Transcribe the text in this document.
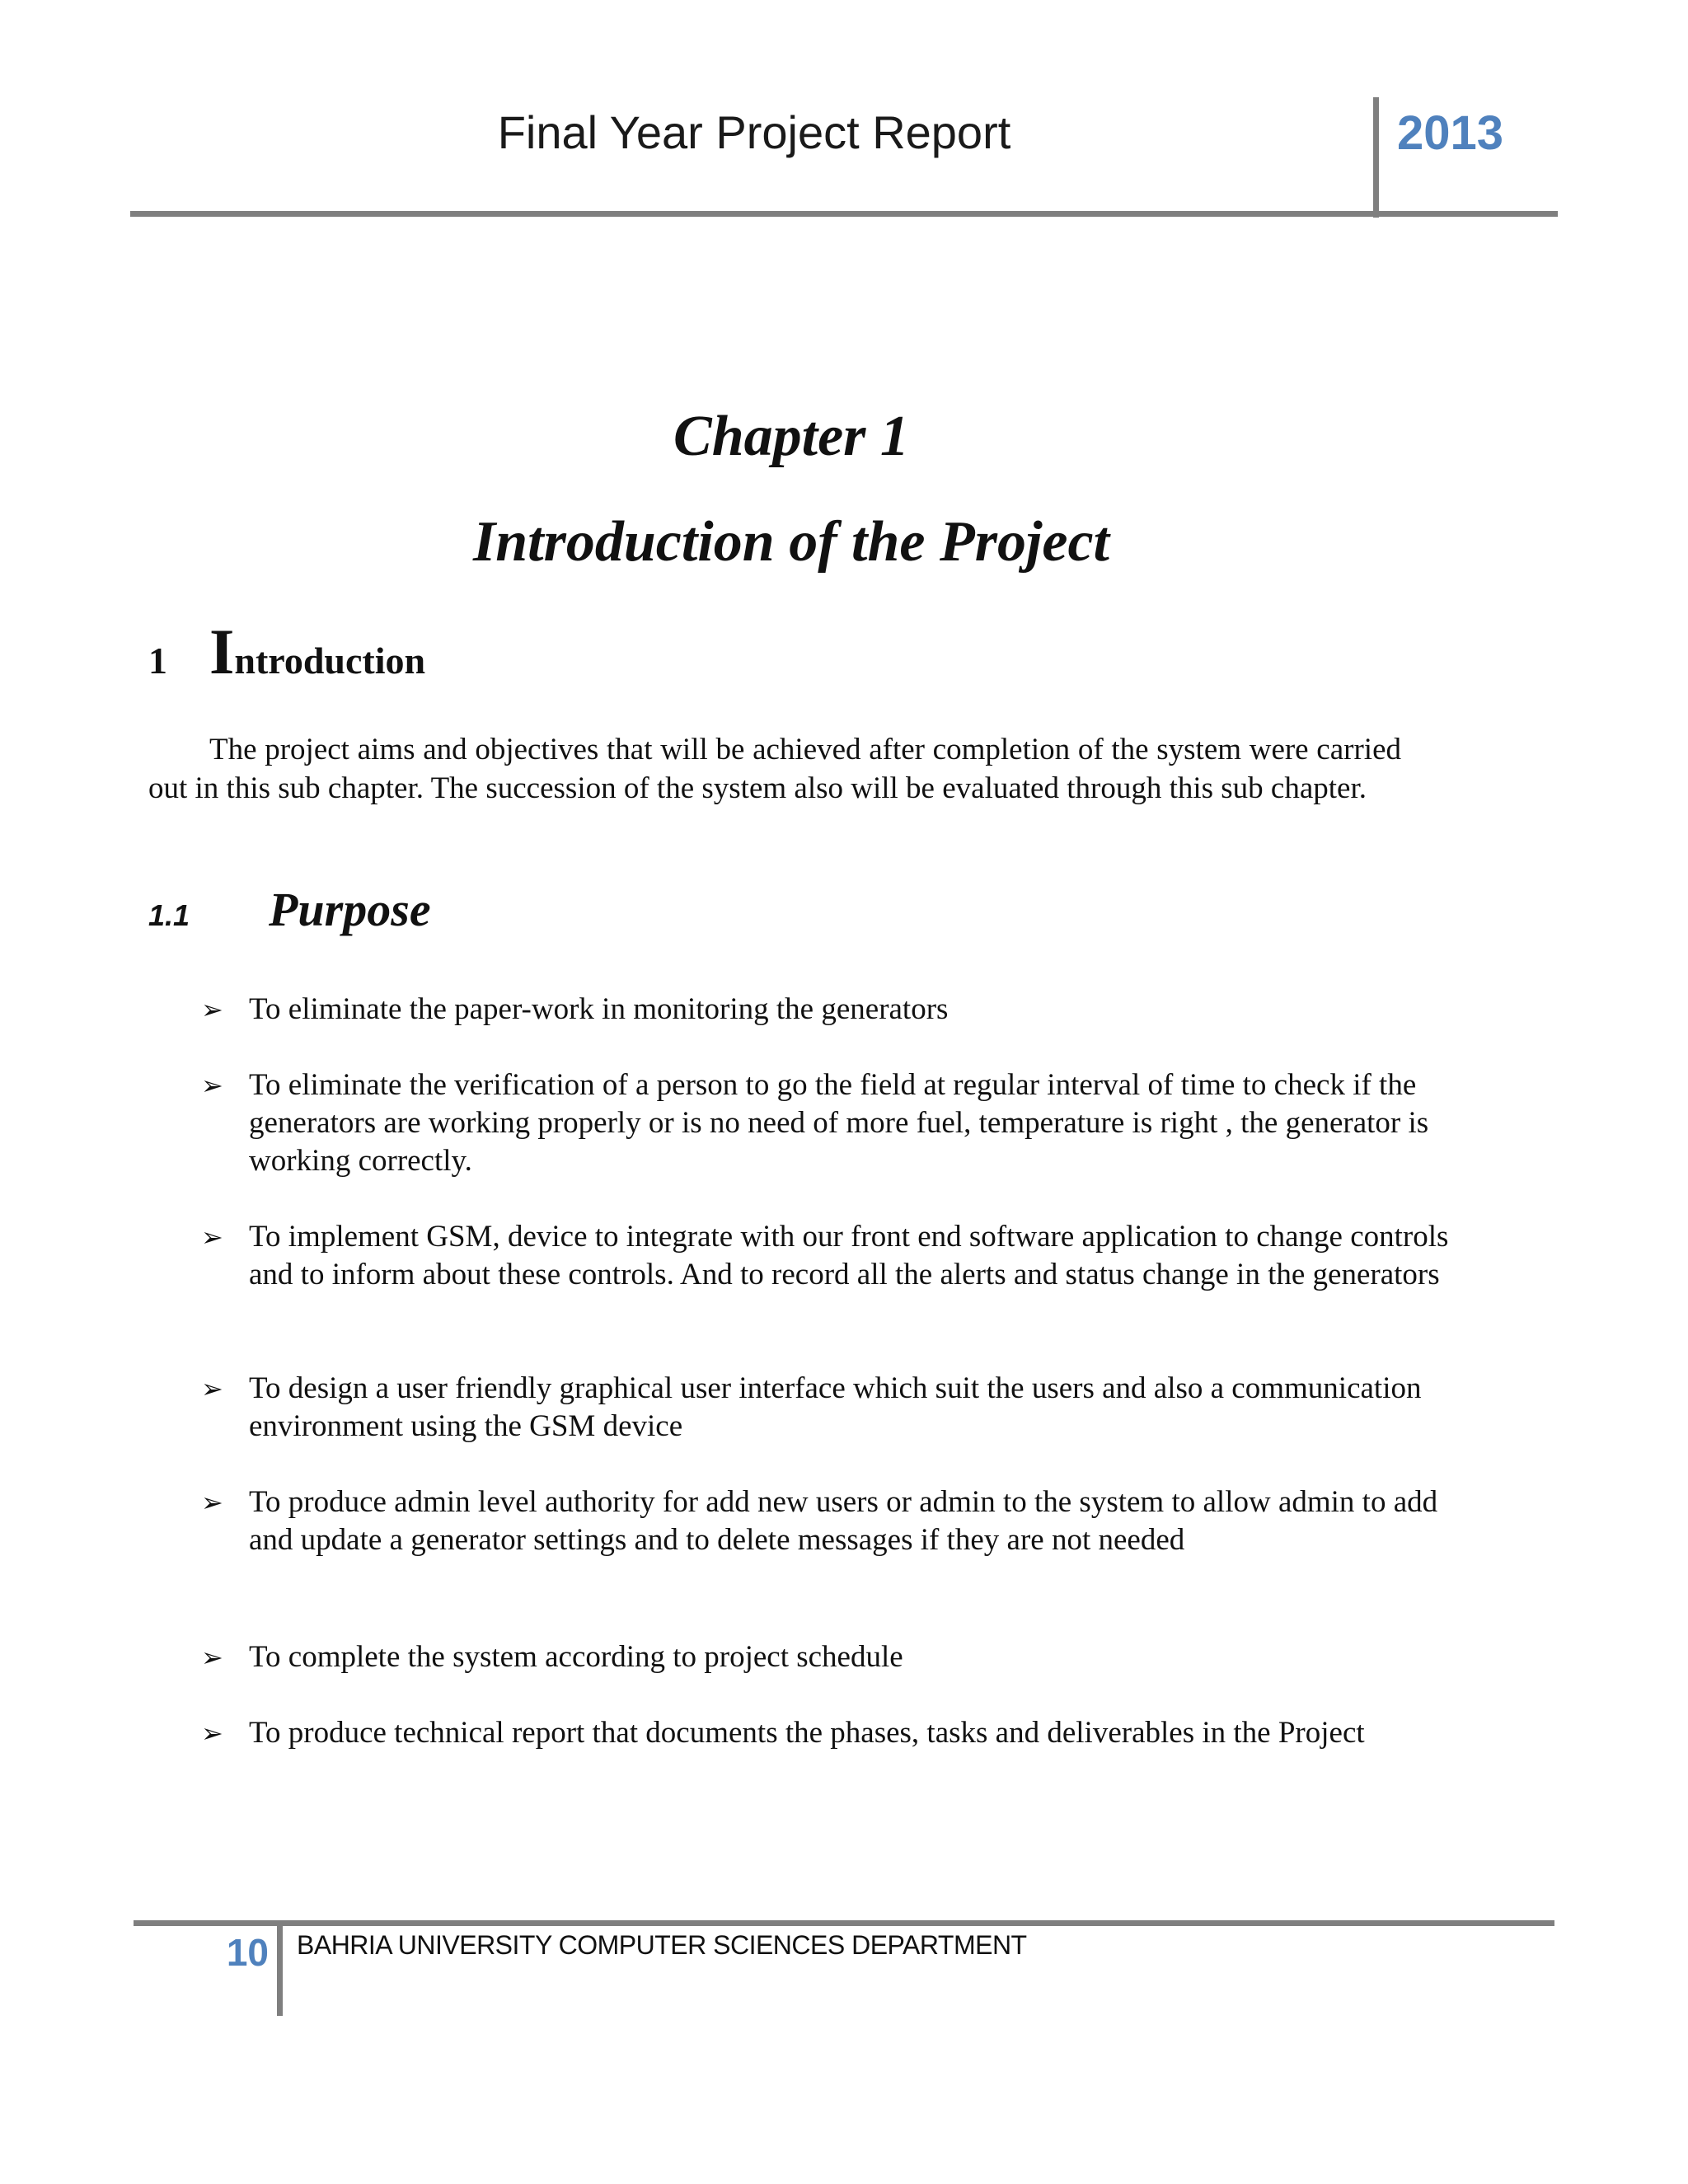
Final Year Project Report	2013
Chapter 1
Introduction of the Project
1 Introduction

The project aims and objectives that will be achieved after completion of the system were carried out in this sub chapter. The succession of the system also will be evaluated through this sub chapter.

1.1 Purpose
➢ To eliminate the paper-work in monitoring the generators
➢ To eliminate the verification of a person to go the field at regular interval of time to check if the generators are working properly or is no need of more fuel, temperature is right , the generator is working correctly.
➢ To implement GSM, device to integrate with our front end software application to change controls and to inform about these controls. And to record all the alerts and status change in the generators
➢ To design a user friendly graphical user interface which suit the users and also a communication environment using the GSM device
➢ To produce admin level authority for add new users or admin to the system to allow admin to add and update a generator settings and to delete messages if they are not needed
➢ To complete the system according to project schedule
➢ To produce technical report that documents the phases, tasks and deliverables in the Project
10 BAHRIA UNIVERSITY COMPUTER SCIENCES DEPARTMENT
